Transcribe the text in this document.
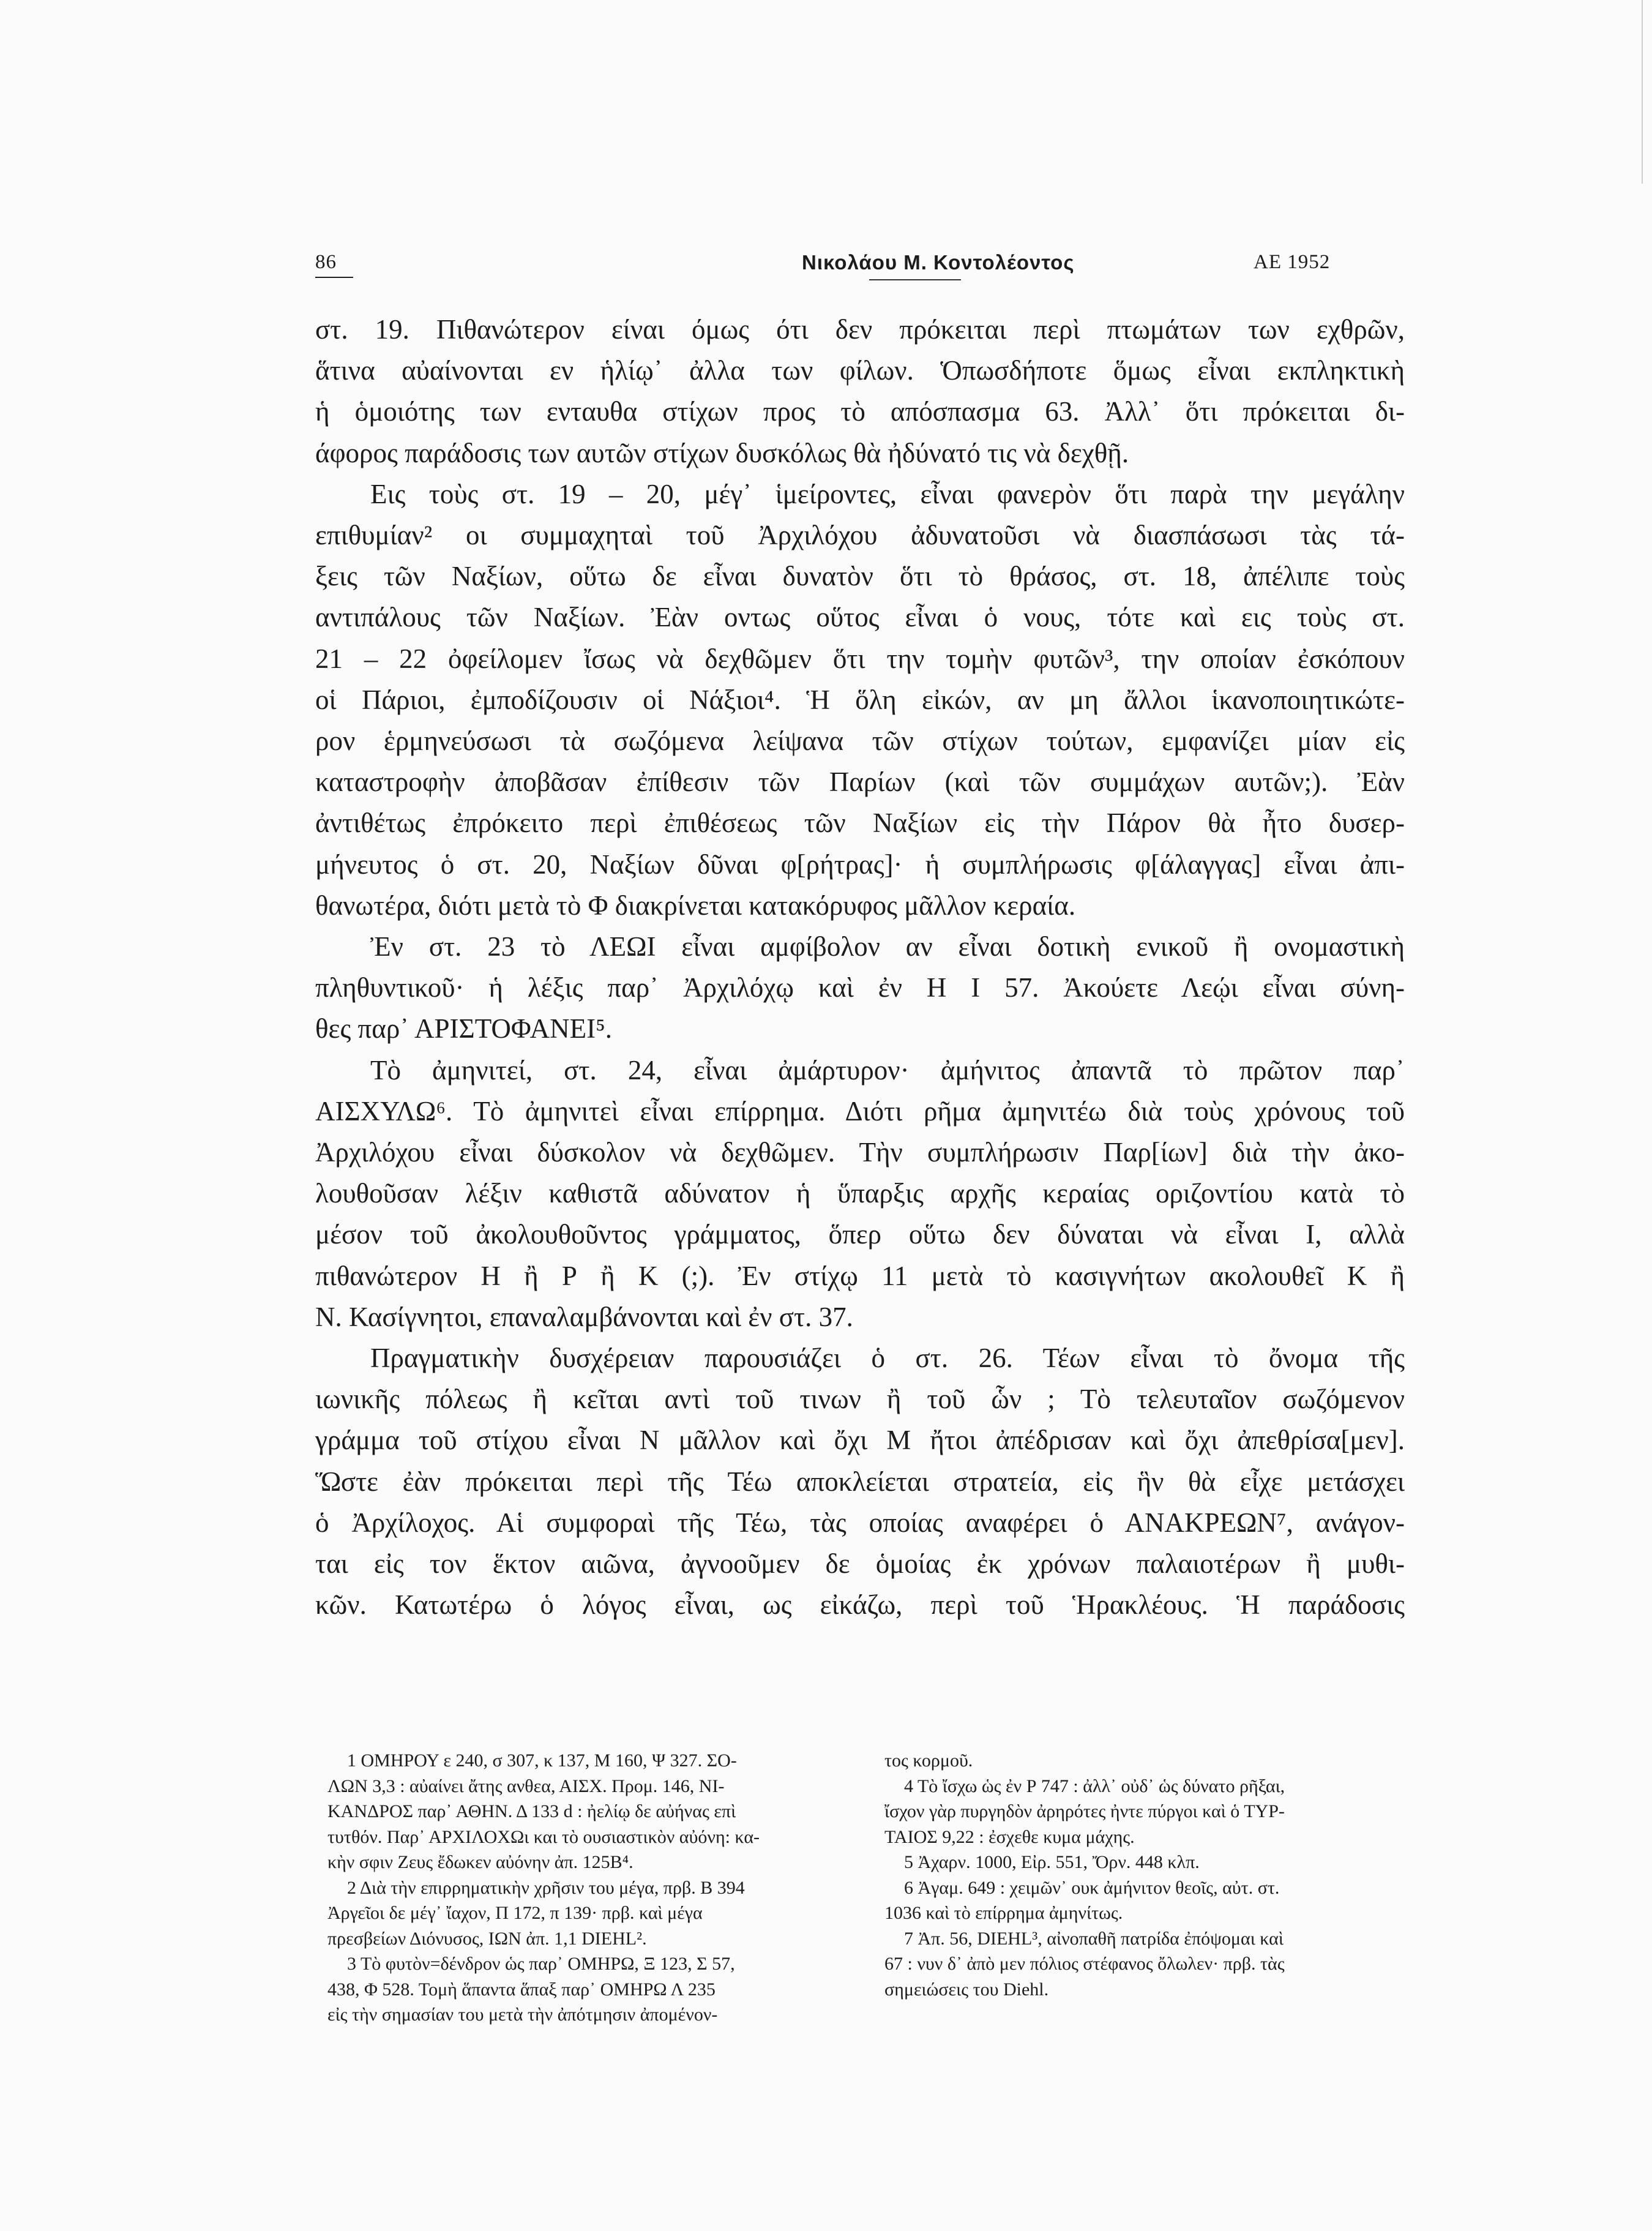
86	Νικολάου Μ. Κοντολέοντος	ΑΕ 1952
στ. 19. Πιθανώτερον είναι όμως ότι δεν πρόκειται περὶ πτωμάτων των εχθρῶν,
ἅτινα αὐαίνονται εν ἡλίῳ᾽ ἀλλα των φίλων. Ὁπωσδήποτε ὅμως εἶναι εκπληκτικὴ
ἡ ὁμοιότης των ενταυθα στίχων προς τὸ απόσπασμα 63. Ἀλλ᾽ ὅτι πρόκειται δι-
άφορος παράδοσις των αυτῶν στίχων δυσκόλως θὰ ἠδύνατό τις νὰ δεχθῇ.
Εις τοὺς στ. 19 – 20, μέγ᾽ ἱμείροντες, εἶναι φανερὸν ὅτι παρὰ την μεγάλην
επιθυμίαν² οι συμμαχηταὶ τοῦ Ἀρχιλόχου ἀδυνατοῦσι νὰ διασπάσωσι τὰς τά-
ξεις τῶν Ναξίων, οὕτω δε εἶναι δυνατὸν ὅτι τὸ θράσος, στ. 18, ἀπέλιπε τοὺς
αντιπάλους τῶν Ναξίων. Ἐὰν οντως οὕτος εἶναι ὁ νους, τότε καὶ εις τοὺς στ.
21 – 22 ὀφείλομεν ἴσως νὰ δεχθῶμεν ὅτι την τομὴν φυτῶν³, την οποίαν ἐσκόπουν
οἱ Πάριοι, ἐμποδίζουσιν οἱ Νάξιοι⁴. Ἡ ὅλη εἰκών, αν μη ἄλλοι ἱκανοποιητικώτε-
ρον ἑρμηνεύσωσι τὰ σωζόμενα λείψανα τῶν στίχων τούτων, εμφανίζει μίαν εἰς
καταστροφὴν ἀποβᾶσαν ἐπίθεσιν τῶν Παρίων (καὶ τῶν συμμάχων αυτῶν;). Ἐὰν
ἀντιθέτως ἐπρόκειτο περὶ ἐπιθέσεως τῶν Ναξίων εἰς τὴν Πάρον θὰ ἦτο δυσερ-
μήνευτος ὁ στ. 20, Ναξίων δῦναι φ[ρήτρας]· ἡ συμπλήρωσις φ[άλαγγας] εἶναι ἀπι-
θανωτέρα, διότι μετὰ τὸ Φ διακρίνεται κατακόρυφος μᾶλλον κεραία.
Ἐν στ. 23 τὸ ΛΕΩΙ εἶναι αμφίβολον αν εἶναι δοτικὴ ενικοῦ ἢ ονομαστικὴ
πληθυντικοῦ· ἡ λέξις παρ᾽ Ἀρχιλόχῳ καὶ ἐν Η Ι 57. Ἀκούετε Λεῴι εἶναι σύνη-
θες παρ᾽ ΑΡΙΣΤΟΦΑΝΕΙ⁵.
Τὸ ἀμηνιτεί, στ. 24, εἶναι ἀμάρτυρον· ἀμήνιτος ἀπαντᾶ τὸ πρῶτον παρ᾽
ΑΙΣΧΥΛΩ⁶. Τὸ ἀμηνιτεὶ εἶναι επίρρημα. Διότι ρῆμα ἀμηνιτέω διὰ τοὺς χρόνους τοῦ
Ἀρχιλόχου εἶναι δύσκολον νὰ δεχθῶμεν. Τὴν συμπλήρωσιν Παρ[ίων] διὰ τὴν ἀκο-
λουθοῦσαν λέξιν καθιστᾶ αδύνατον ἡ ὕπαρξις αρχῆς κεραίας οριζοντίου κατὰ τὸ
μέσον τοῦ ἀκολουθοῦντος γράμματος, ὅπερ οὕτω δεν δύναται νὰ εἶναι Ι, αλλὰ
πιθανώτερον Η ἢ Ρ ἢ Κ (;). Ἐν στίχῳ 11 μετὰ τὸ κασιγνήτων ακολουθεῖ Κ ἢ
Ν. Κασίγνητοι, επαναλαμβάνονται καὶ ἐν στ. 37.
Πραγματικὴν δυσχέρειαν παρουσιάζει ὁ στ. 26. Τέων εἶναι τὸ ὄνομα τῆς
ιωνικῆς πόλεως ἢ κεῖται αντὶ τοῦ τινων ἢ τοῦ ὧν ; Τὸ τελευταῖον σωζόμενον
γράμμα τοῦ στίχου εἶναι Ν μᾶλλον καὶ ὄχι Μ ἤτοι ἀπέδρισαν καὶ ὄχι ἀπεθρίσα[μεν].
Ὥστε ἐὰν πρόκειται περὶ τῆς Τέω αποκλείεται στρατεία, εἰς ἣν θὰ εἶχε μετάσχει
ὁ Ἀρχίλοχος. Αἱ συμφοραὶ τῆς Τέω, τὰς οποίας αναφέρει ὁ ΑΝΑΚΡΕΩΝ⁷, ανάγον-
ται εἰς τον ἕκτον αιῶνα, ἀγνοοῦμεν δε ὁμοίας ἐκ χρόνων παλαιοτέρων ἢ μυθι-
κῶν. Κατωτέρω ὁ λόγος εἶναι, ως εἰκάζω, περὶ τοῦ Ἡρακλέους. Ἡ παράδοσις
1 ΟΜΗΡΟΥ ε 240, σ 307, κ 137, Μ 160, Ψ 327. ΣΟ-
ΛΩΝ 3,3 : αὐαίνει ἄτης ανθεα, ΑΙΣΧ. Προμ. 146, ΝΙ-
ΚΑΝΔΡΟΣ παρ᾽ ΑΘΗΝ. Δ 133 d : ἠελίῳ δε αὐήνας επὶ
τυτθόν. Παρ᾽ ΑΡΧΙΛΟΧΩι και τὸ ουσιαστικὸν αὐόνη: κα-
κὴν σφιν Ζευς ἔδωκεν αὐόνην ἀπ. 125Β⁴.
2 Διὰ τὴν επιρρηματικὴν χρῆσιν του μέγα, πρβ. Β 394
Ἀργεῖοι δε μέγ᾽ ἴαχον, Π 172, π 139· πρβ. καὶ μέγα
πρεσβείων Διόνυσος, ΙΩΝ ἀπ. 1,1 DIEHL².
3 Τὸ φυτὸν=δένδρον ὡς παρ᾽ ΟΜΗΡΩ, Ξ 123, Σ 57,
438, Φ 528. Τομὴ ἅπαντα ἅπαξ παρ᾽ ΟΜΗΡΩ Λ 235
εἰς τὴν σημασίαν του μετὰ τὴν ἀπότμησιν ἀπομένον-
τος κορμοῦ.
4 Τὸ ἴσχω ὡς ἐν Ρ 747 : ἀλλ᾽ οὐδ᾽ ὡς δύνατο ρῆξαι,
ἴσχον γὰρ πυργηδὸν ἀρηρότες ἠντε πύργοι καὶ ὁ ΤΥΡ-
ΤΑΙΟΣ 9,22 : ἐσχεθε κυμα μάχης.
5 Ἀχαρν. 1000, Εἰρ. 551, Ὄρν. 448 κλπ.
6 Ἀγαμ. 649 : χειμῶν᾽ ουκ ἀμήνιτον θεοῖς, αὐτ. στ.
1036 καὶ τὸ επίρρημα ἀμηνίτως.
7 Ἀπ. 56, DIEHL³, αἰνοπαθῆ πατρίδα ἐπόψομαι καὶ
67 : νυν δ᾽ ἀπὸ μεν πόλιος στέφανος ὄλωλεν· πρβ. τὰς
σημειώσεις του Diehl.
